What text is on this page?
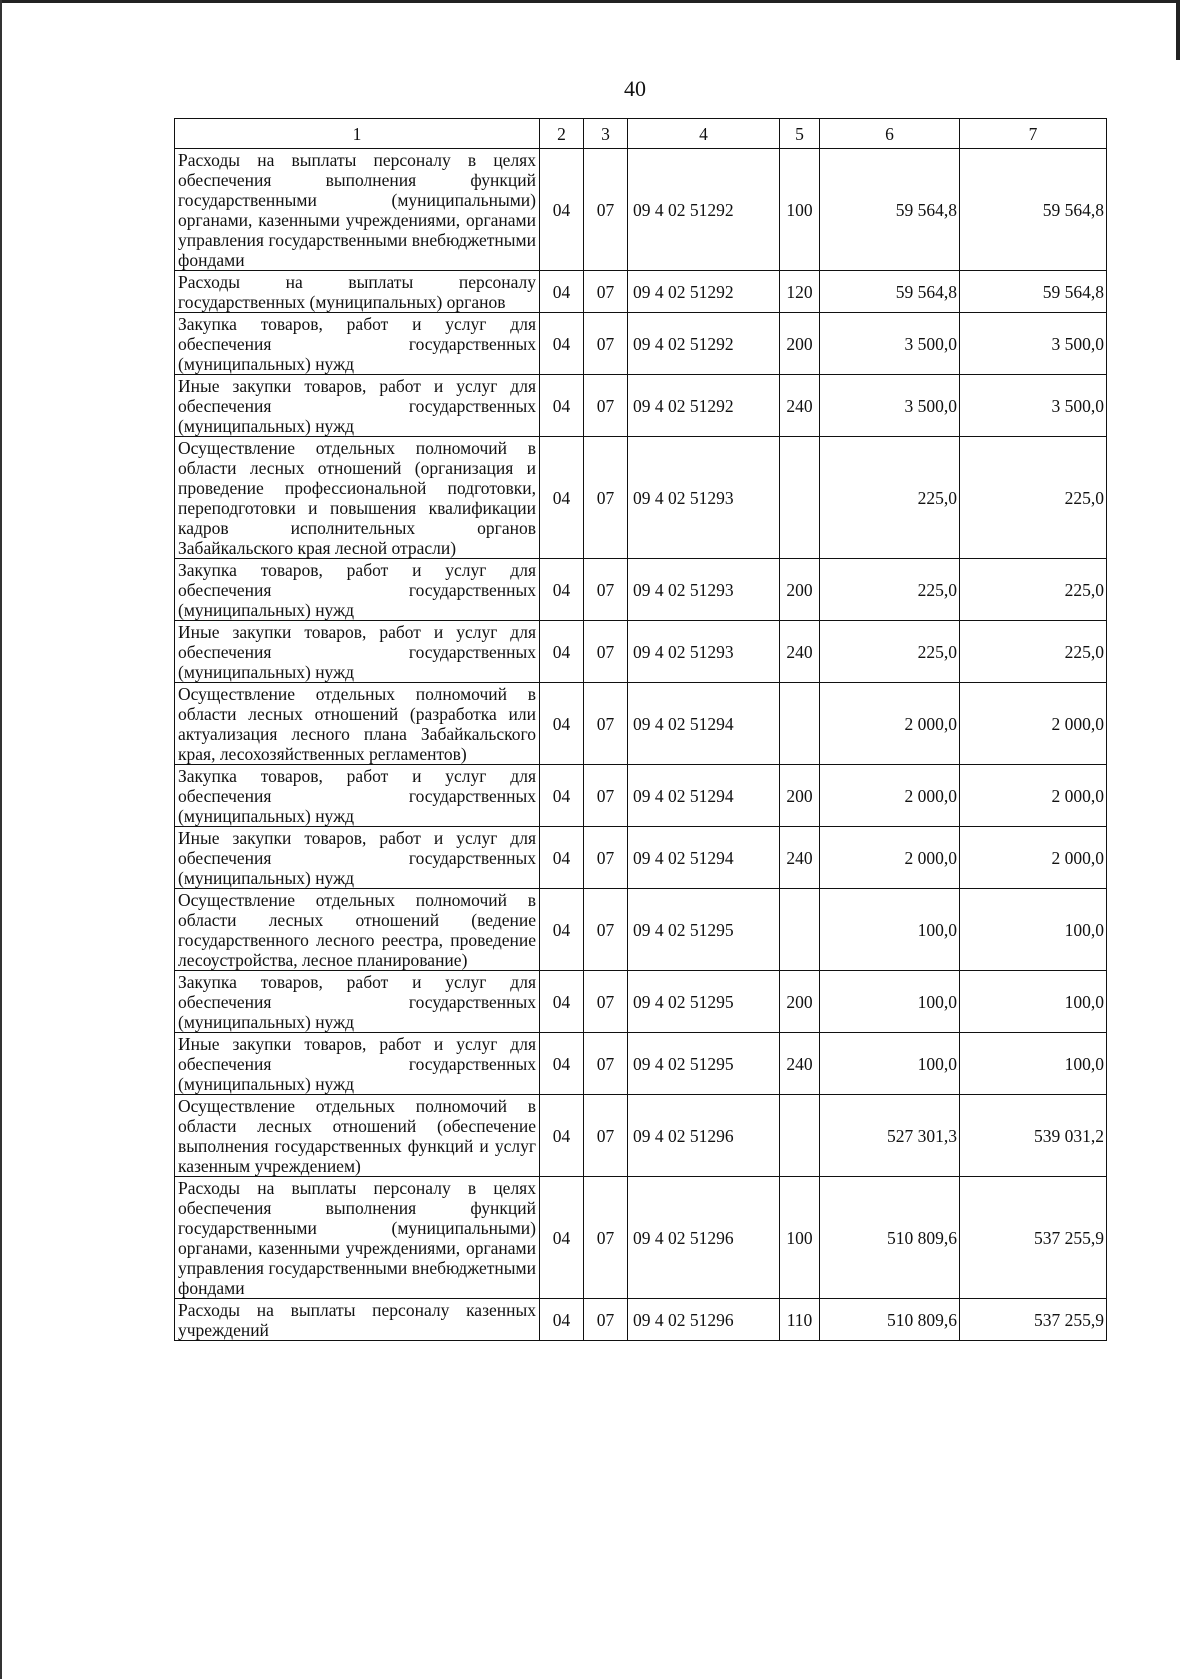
40
1	2	3	4	5	6	7
Расходы на выплаты персоналу в целях обеспечения выполнения функций государственными (муниципальными) органами, казенными учреждениями, органами управления государственными внебюджетными фондами	04	07	09 4 02 51292	100	59 564,8	59 564,8
Расходы на выплаты персоналу государственных (муниципальных) органов	04	07	09 4 02 51292	120	59 564,8	59 564,8
Закупка товаров, работ и услуг для обеспечения государственных (муниципальных) нужд	04	07	09 4 02 51292	200	3 500,0	3 500,0
Иные закупки товаров, работ и услуг для обеспечения государственных (муниципальных) нужд	04	07	09 4 02 51292	240	3 500,0	3 500,0
Осуществление отдельных полномочий в области лесных отношений (организация и проведение профессиональной подготовки, переподготовки и повышения квалификации кадров исполнительных органов Забайкальского края лесной отрасли)	04	07	09 4 02 51293		225,0	225,0
Закупка товаров, работ и услуг для обеспечения государственных (муниципальных) нужд	04	07	09 4 02 51293	200	225,0	225,0
Иные закупки товаров, работ и услуг для обеспечения государственных (муниципальных) нужд	04	07	09 4 02 51293	240	225,0	225,0
Осуществление отдельных полномочий в области лесных отношений (разработка или актуализация лесного плана Забайкальского края, лесохозяйственных регламентов)	04	07	09 4 02 51294		2 000,0	2 000,0
Закупка товаров, работ и услуг для обеспечения государственных (муниципальных) нужд	04	07	09 4 02 51294	200	2 000,0	2 000,0
Иные закупки товаров, работ и услуг для обеспечения государственных (муниципальных) нужд	04	07	09 4 02 51294	240	2 000,0	2 000,0
Осуществление отдельных полномочий в области лесных отношений (ведение государственного лесного реестра, проведение лесоустройства, лесное планирование)	04	07	09 4 02 51295		100,0	100,0
Закупка товаров, работ и услуг для обеспечения государственных (муниципальных) нужд	04	07	09 4 02 51295	200	100,0	100,0
Иные закупки товаров, работ и услуг для обеспечения государственных (муниципальных) нужд	04	07	09 4 02 51295	240	100,0	100,0
Осуществление отдельных полномочий в области лесных отношений (обеспечение выполнения государственных функций и услуг казенным учреждением)	04	07	09 4 02 51296		527 301,3	539 031,2
Расходы на выплаты персоналу в целях обеспечения выполнения функций государственными (муниципальными) органами, казенными учреждениями, органами управления государственными внебюджетными фондами	04	07	09 4 02 51296	100	510 809,6	537 255,9
Расходы на выплаты персоналу казенных учреждений	04	07	09 4 02 51296	110	510 809,6	537 255,9
